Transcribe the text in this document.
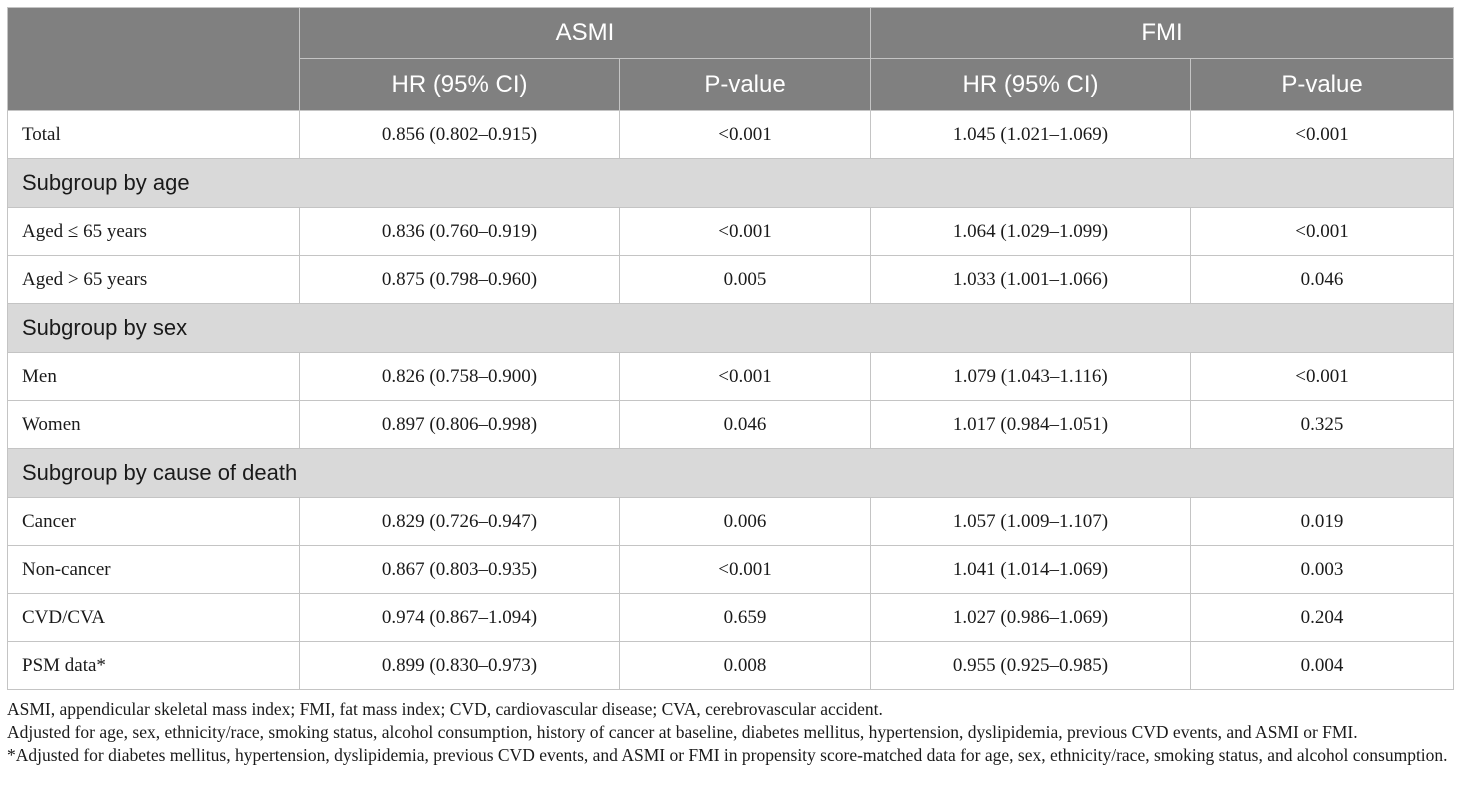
	ASMI		FMI	
	HR (95% CI)	P-value	HR (95% CI)	P-value
Total	0.856 (0.802–0.915)	<0.001	1.045 (1.021–1.069)	<0.001
Subgroup by age				
Aged ≤ 65 years	0.836 (0.760–0.919)	<0.001	1.064 (1.029–1.099)	<0.001
Aged > 65 years	0.875 (0.798–0.960)	0.005	1.033 (1.001–1.066)	0.046
Subgroup by sex				
Men	0.826 (0.758–0.900)	<0.001	1.079 (1.043–1.116)	<0.001
Women	0.897 (0.806–0.998)	0.046	1.017 (0.984–1.051)	0.325
Subgroup by cause of death				
Cancer	0.829 (0.726–0.947)	0.006	1.057 (1.009–1.107)	0.019
Non-cancer	0.867 (0.803–0.935)	<0.001	1.041 (1.014–1.069)	0.003
CVD/CVA	0.974 (0.867–1.094)	0.659	1.027 (0.986–1.069)	0.204
PSM data*	0.899 (0.830–0.973)	0.008	0.955 (0.925–0.985)	0.004

ASMI, appendicular skeletal mass index; FMI, fat mass index; CVD, cardiovascular disease; CVA, cerebrovascular accident.

Adjusted for age, sex, ethnicity/race, smoking status, alcohol consumption, history of cancer at baseline, diabetes mellitus, hypertension, dyslipidemia, previous CVD events, and ASMI or FMI.

*Adjusted for diabetes mellitus, hypertension, dyslipidemia, previous CVD events, and ASMI or FMI in propensity score-matched data for age, sex, ethnicity/race, smoking status, and alcohol consumption.
